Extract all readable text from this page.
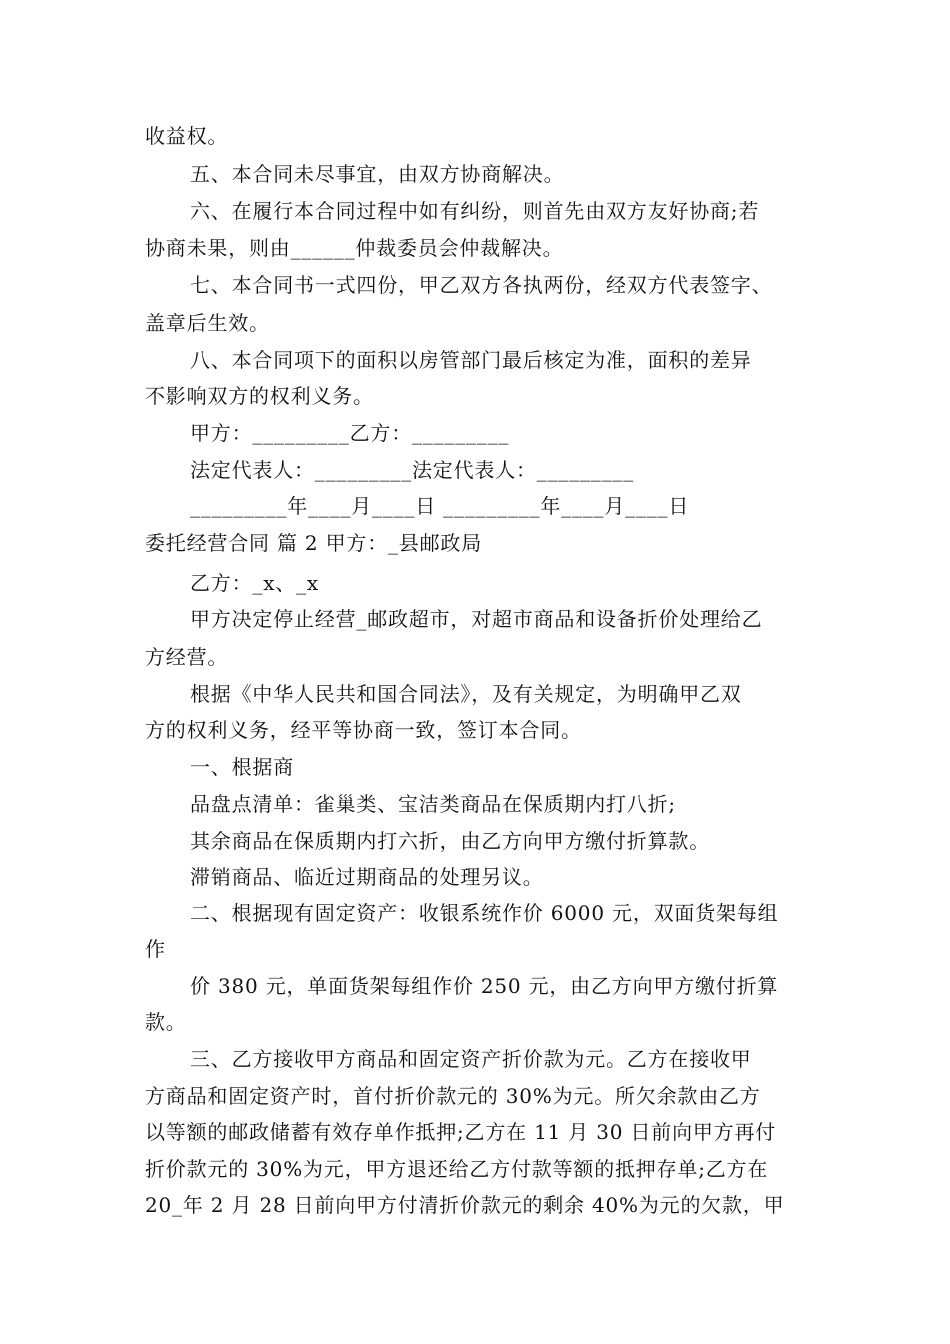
收益权。
五、本合同未尽事宜，由双方协商解决。
六、在履行本合同过程中如有纠纷，则首先由双方友好协商;若
协商未果，则由______仲裁委员会仲裁解决。
七、本合同书一式四份，甲乙双方各执两份，经双方代表签字、
盖章后生效。
八、本合同项下的面积以房管部门最后核定为准，面积的差异
不影响双方的权利义务。
甲方：_________乙方：_________
法定代表人：_________法定代表人：_________
_________年____月____日 _________年____月____日
委托经营合同 篇 2 甲方：_县邮政局
乙方：_x、_x
甲方决定停止经营_邮政超市，对超市商品和设备折价处理给乙
方经营。
根据《中华人民共和国合同法》，及有关规定，为明确甲乙双
方的权利义务，经平等协商一致，签订本合同。
一、根据商
品盘点清单：雀巢类、宝洁类商品在保质期内打八折;
其余商品在保质期内打六折，由乙方向甲方缴付折算款。
滞销商品、临近过期商品的处理另议。
二、根据现有固定资产：收银系统作价 6000 元，双面货架每组
作
价 380 元，单面货架每组作价 250 元，由乙方向甲方缴付折算
款。
三、乙方接收甲方商品和固定资产折价款为元。乙方在接收甲
方商品和固定资产时，首付折价款元的 30%为元。所欠余款由乙方
以等额的邮政储蓄有效存单作抵押;乙方在 11 月 30 日前向甲方再付
折价款元的 30%为元，甲方退还给乙方付款等额的抵押存单;乙方在
20_年 2 月 28 日前向甲方付清折价款元的剩余 40%为元的欠款，甲
